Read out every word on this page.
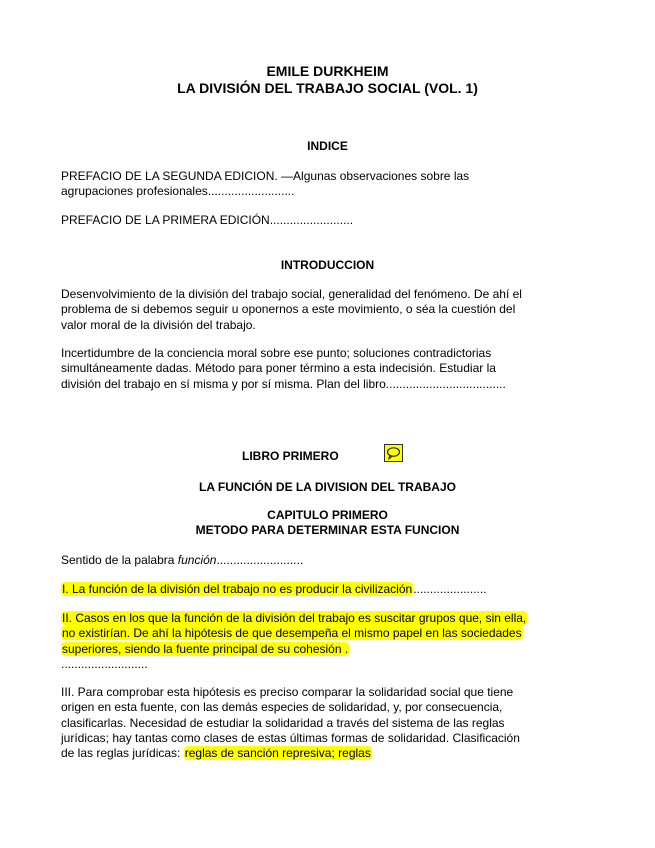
EMILE DURKHEIM
LA DIVISIÓN DEL TRABAJO SOCIAL (VOL. 1)
INDICE
PREFACIO DE LA SEGUNDA EDICION. —Algunas observaciones sobre las agrupaciones profesionales..........................
PREFACIO DE LA PRIMERA EDICIÓN.........................
INTRODUCCION
Desenvolvimiento de la división del trabajo social, generalidad del fenómeno. De ahí el problema de si debemos seguir u oponernos a este movimiento, o séa la cuestión del valor moral de la división del trabajo.
Incertidumbre de la conciencia moral sobre ese punto; soluciones contradictorias simultáneamente dadas. Método para poner término a esta indecisión. Estudiar la división del trabajo en sí misma y por sí misma. Plan del libro....................................
LIBRO PRIMERO
LA FUNCIÓN DE LA DIVISION DEL TRABAJO
CAPITULO PRIMERO
METODO PARA DETERMINAR ESTA FUNCION
Sentido de la palabra función..........................
I. La función de la división del trabajo no es producir la civilización......................
II. Casos en los que la función de la división del trabajo es suscitar grupos que, sin ella, no existirían. De ahí la hipótesis de que desempeña el mismo papel en las sociedades superiores, siendo la fuente principal de su cohesión .
..........................
III. Para comprobar esta hipótesis es preciso comparar la solidaridad social que tiene origen en esta fuente, con las demás especies de solidaridad, y, por consecuencia, clasificarlas. Necesidad de estudiar la solidaridad a través del sistema de las reglas jurídicas; hay tantas como clases de estas últimas formas de solidaridad. Clasificación de las reglas jurídicas: reglas de sanción represiva; reglas
